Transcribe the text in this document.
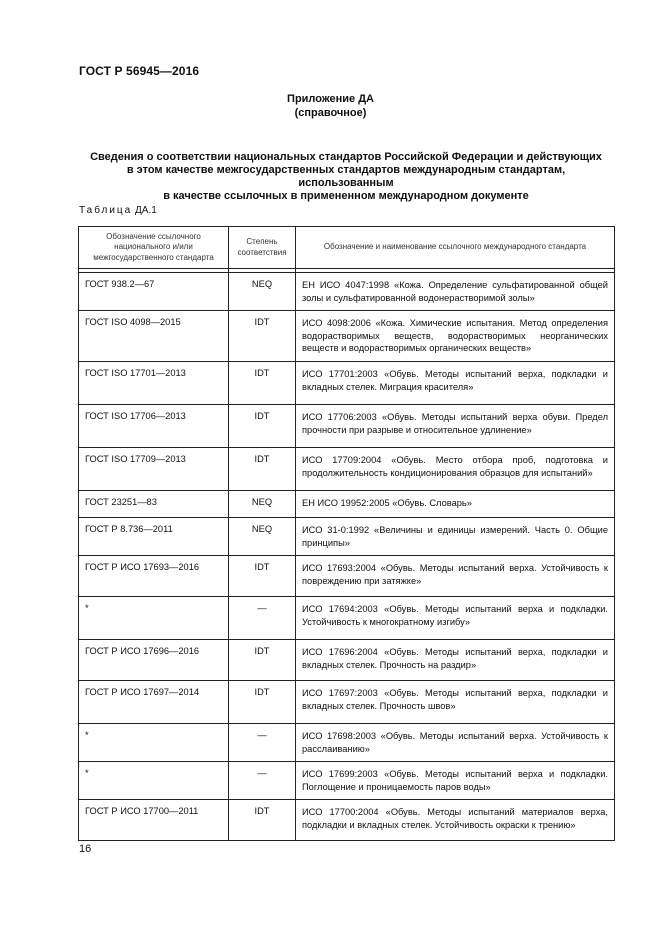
ГОСТ Р 56945—2016
Приложение ДА
(справочное)
Сведения о соответствии национальных стандартов Российской Федерации и действующих
в этом качестве межгосударственных стандартов международным стандартам, использованным
в качестве ссылочных в примененном международном документе
Таблица ДА.1
Обозначение ссылочного национального и/или межгосударственного стандарта	Степень соответствия	Обозначение и наименование ссылочного международного стандарта

ГОСТ 938.2—67	NEQ	ЕН ИСО 4047:1998 «Кожа. Определение сульфатированной общей золы и сульфатированной водонерастворимой золы»
ГОСТ ISO 4098—2015	IDT	ИСО 4098:2006 «Кожа. Химические испытания. Метод определения водорастворимых веществ, водорастворимых неорганических веществ и водорастворимых органических веществ»
ГОСТ ISO 17701—2013	IDT	ИСО 17701:2003 «Обувь. Методы испытаний верха, подкладки и вкладных стелек. Миграция красителя»
ГОСТ ISO 17706—2013	IDT	ИСО 17706:2003 «Обувь. Методы испытаний верха обуви. Предел прочности при разрыве и относительное удлинение»
ГОСТ ISO 17709—2013	IDT	ИСО 17709:2004 «Обувь. Место отбора проб, подготовка и продолжительность кондиционирования образцов для испытаний»
ГОСТ 23251—83	NEQ	ЕН ИСО 19952:2005 «Обувь. Словарь»
ГОСТ Р 8.736—2011	NEQ	ИСО 31-0:1992 «Величины и единицы измерений. Часть 0. Общие принципы»
ГОСТ Р ИСО 17693—2016	IDT	ИСО 17693:2004 «Обувь. Методы испытаний верха. Устойчивость к повреждению при затяжке»
*	—	ИСО 17694:2003 «Обувь. Методы испытаний верха и подкладки. Устойчивость к многократному изгибу»
ГОСТ Р ИСО 17696—2016	IDT	ИСО 17696:2004 «Обувь. Методы испытаний верха, подкладки и вкладных стелек. Прочность на раздир»
ГОСТ Р ИСО 17697—2014	IDT	ИСО 17697:2003 «Обувь. Методы испытаний верха, подкладки и вкладных стелек. Прочность швов»
*	—	ИСО 17698:2003 «Обувь. Методы испытаний верха. Устойчивость к расслаиванию»
*	—	ИСО 17699:2003 «Обувь. Методы испытаний верха и подкладки. Поглощение и проницаемость паров воды»
ГОСТ Р ИСО 17700—2011	IDT	ИСО 17700:2004 «Обувь. Методы испытаний материалов верха, подкладки и вкладных стелек. Устойчивость окраски к трению»
16
